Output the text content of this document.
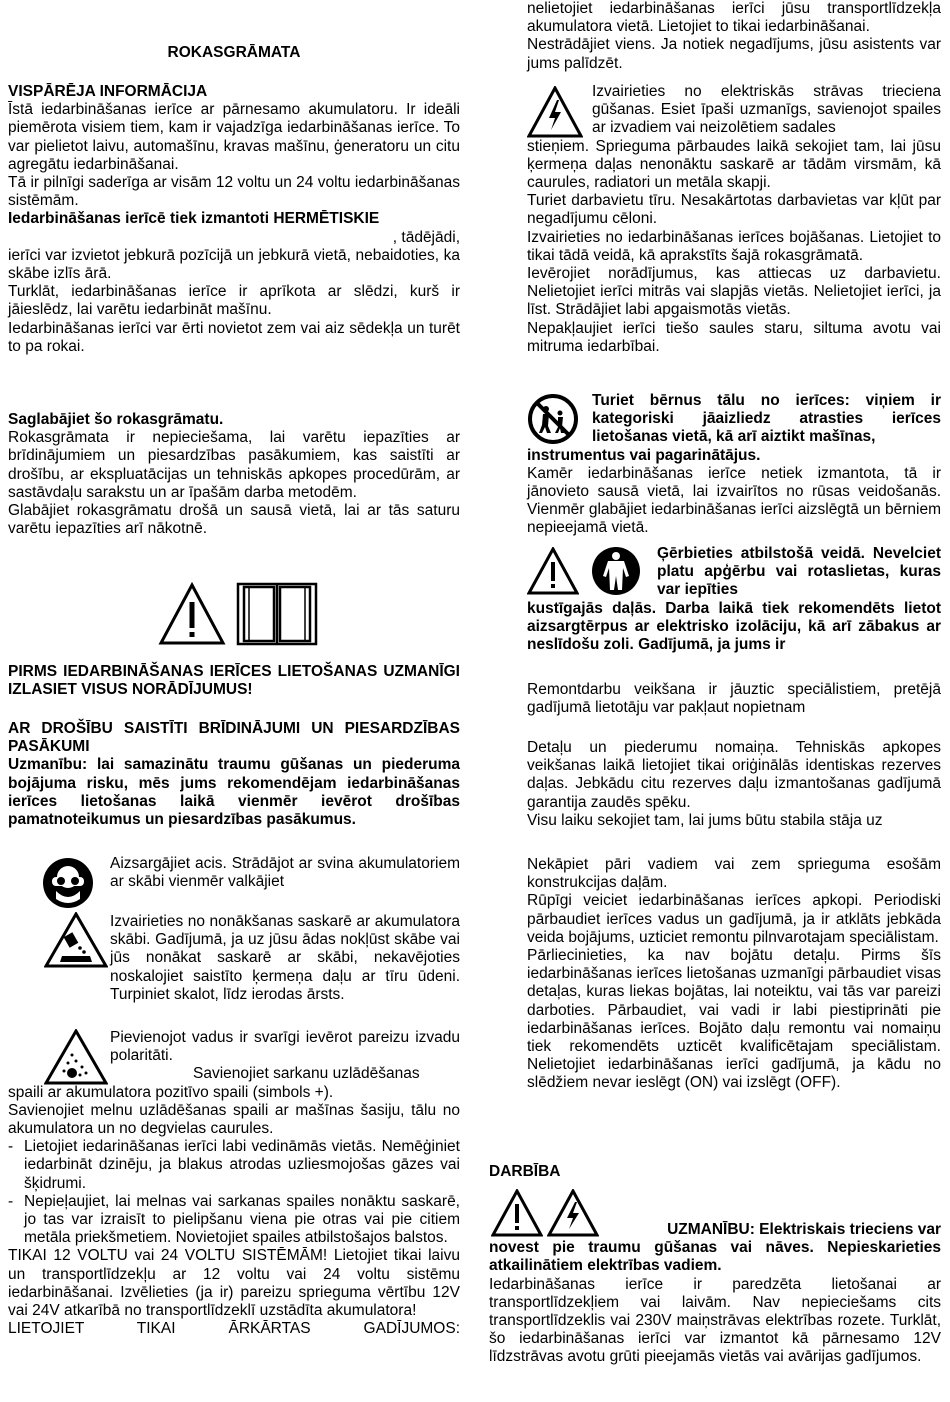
ROKASGRĀMATA

VISPĀRĒJA INFORMĀCIJA

Īstā iedarbināšanas ierīce ar pārnesamo akumulatoru. Ir ideāli piemērota visiem tiem, kam ir vajadzīga iedarbināšanas ierīce. To var pielietot laivu, automašīnu, kravas mašīnu, ģeneratoru un citu agregātu iedarbināšanai.

Tā ir pilnīgi saderīga ar visām 12 voltu un 24 voltu iedarbināšanas sistēmām.

Iedarbināšanas ierīcē tiek izmantoti HERMĒTISKIE

, tādējādi,

ierīci var izvietot jebkurā pozīcijā un jebkurā vietā, nebaidoties, ka skābe izlīs ārā.

Turklāt, iedarbināšanas ierīce ir aprīkota ar slēdzi, kurš ir jāieslēdz, lai varētu iedarbināt mašīnu.

Iedarbināšanas ierīci var ērti novietot zem vai aiz sēdekļa un turēt to pa rokai.

Saglabājiet šo rokasgrāmatu.

Rokasgrāmata ir nepieciešama, lai varētu iepazīties ar brīdinājumiem un piesardzības pasākumiem, kas saistīti ar drošību, ar ekspluatācijas un tehniskās apkopes procedūrām, ar sastāvdaļu sarakstu un ar īpašām darba metodēm.

Glabājiet rokasgrāmatu drošā un sausā vietā, lai ar tās saturu varētu iepazīties arī nākotnē.

PIRMS IEDARBINĀŠANAS IERĪCES LIETOŠANAS UZMANĪGI IZLASIET VISUS NORĀDĪJUMUS!

AR DROŠĪBU SAISTĪTI BRĪDINĀJUMI UN PIESARDZĪBAS PASĀKUMI

Uzmanību: lai samazinātu traumu gūšanas un piederuma bojājuma risku, mēs jums rekomendējam iedarbināšanas ierīces lietošanas laikā vienmēr ievērot drošības pamatnoteikumus un piesardzības pasākumus.

Aizsargājiet acis. Strādājot ar svina akumulatoriem ar skābi vienmēr valkājiet

Izvairieties no nonākšanas saskarē ar akumulatora skābi. Gadījumā, ja uz jūsu ādas nokļūst skābe vai jūs nonākat saskarē ar skābi, nekavējoties noskalojiet saistīto ķermeņa daļu ar tīru ūdeni. Turpiniet skalot, līdz ierodas ārsts.

Pievienojot vadus ir svarīgi ievērot pareizu izvadu polaritāti.

Savienojiet sarkanu uzlādēšanas

spaili ar akumulatora pozitīvo spaili (simbols +).

Savienojiet melnu uzlādēšanas spaili ar mašīnas šasiju, tālu no akumulatora un no degvielas caurules.

- Lietojiet iedarināšanas ierīci labi vedināmās vietās. Nemēģiniet iedarbināt dzinēju, ja blakus atrodas uzliesmojošas gāzes vai šķidrumi.
- Nepieļaujiet, lai melnas vai sarkanas spailes nonāktu saskarē, jo tas var izraisīt to pielipšanu viena pie otras vai pie citiem metāla priekšmetiem. Novietojiet spailes atbilstošajos balstos.

TIKAI 12 VOLTU vai 24 VOLTU SISTĒMĀM! Lietojiet tikai laivu un transportlīdzekļu ar 12 voltu vai 24 voltu sistēmu iedarbināšanai. Izvēlieties (ja ir) pareizu sprieguma vērtību 12V vai 24V atkarībā no transportlīdzeklī uzstādīta akumulatora!

LIETOJIET TIKAI ĀRKĀRTAS GADĪJUMOS:

nelietojiet iedarbināšanas ierīci jūsu transportlīdzekļa akumulatora vietā. Lietojiet to tikai iedarbināšanai.

Nestrādājiet viens. Ja notiek negadījums, jūsu asistents var jums palīdzēt.

Izvairieties no elektriskās strāvas trieciena gūšanas. Esiet īpaši uzmanīgs, savienojot spailes ar izvadiem vai neizolētiem sadales

stieņiem. Sprieguma pārbaudes laikā sekojiet tam, lai jūsu ķermeņa daļas nenonāktu saskarē ar tādām virsmām, kā caurules, radiatori un metāla skapji.

Turiet darbavietu tīru. Nesakārtotas darbavietas var kļūt par negadījumu cēloni.

Izvairieties no iedarbināšanas ierīces bojāšanas. Lietojiet to tikai tādā veidā, kā aprakstīts šajā rokasgrāmatā.

Ievērojiet norādījumus, kas attiecas uz darbavietu. Nelietojiet ierīci mitrās vai slapjās vietās. Nelietojiet ierīci, ja līst. Strādājiet labi apgaismotās vietās.

Nepakļaujiet ierīci tiešo saules staru, siltuma avotu vai mitruma iedarbībai.

Turiet bērnus tālu no ierīces: viņiem ir kategoriski jāaizliedz atrasties ierīces lietošanas vietā, kā arī aiztikt mašīnas,

instrumentus vai pagarinātājus.

Kamēr iedarbināšanas ierīce netiek izmantota, tā ir jānovieto sausā vietā, lai izvairītos no rūsas veidošanās. Vienmēr glabājiet iedarbināšanas ierīci aizslēgtā un bērniem nepieejamā vietā.

Ģērbieties atbilstošā veidā. Nevelciet platu apģērbu vai rotaslietas, kuras var iepīties

kustīgajās daļās. Darba laikā tiek rekomendēts lietot aizsargtērpus ar elektrisko izolāciju, kā arī zābakus ar neslīdošu zoli. Gadījumā, ja jums ir

Remontdarbu veikšana ir jāuztic speciālistiem, pretējā gadījumā lietotāju var pakļaut nopietnam

Detaļu un piederumu nomaiņa. Tehniskās apkopes veikšanas laikā lietojiet tikai oriģinālās identiskas rezerves daļas. Jebkādu citu rezerves daļu izmantošanas gadījumā garantija zaudēs spēku.

Visu laiku sekojiet tam, lai jums būtu stabila stāja uz

Nekāpiet pāri vadiem vai zem sprieguma esošām konstrukcijas daļām.

Rūpīgi veiciet iedarbināšanas ierīces apkopi. Periodiski pārbaudiet ierīces vadus un gadījumā, ja ir atklāts jebkāda veida bojājums, uzticiet remontu pilnvarotajam speciālistam.

Pārliecinieties, ka nav bojātu detaļu. Pirms šīs iedarbināšanas ierīces lietošanas uzmanīgi pārbaudiet visas detaļas, kuras liekas bojātas, lai noteiktu, vai tās var pareizi darboties. Pārbaudiet, vai vadi ir labi piestiprināti pie iedarbināšanas ierīces. Bojāto daļu remontu vai nomaiņu tiek rekomendēts uzticēt kvalificētajam speciālistam. Nelietojiet iedarbināšanas ierīci gadījumā, ja kādu no slēdžiem nevar ieslēgt (ON) vai izslēgt (OFF).

DARBĪBA

UZMANĪBU: Elektriskais trieciens var

novest pie traumu gūšanas vai nāves. Nepieskarieties atkailinātiem elektrības vadiem.

Iedarbināšanas ierīce ir paredzēta lietošanai ar transportlīdzekļiem vai laivām. Nav nepieciešams cits transportlīdzeklis vai 230V maiņstrāvas elektrības rozete. Turklāt, šo iedarbināšanas ierīci var izmantot kā pārnesamo 12V līdzstrāvas avotu grūti pieejamās vietās vai avārijas gadījumos.
